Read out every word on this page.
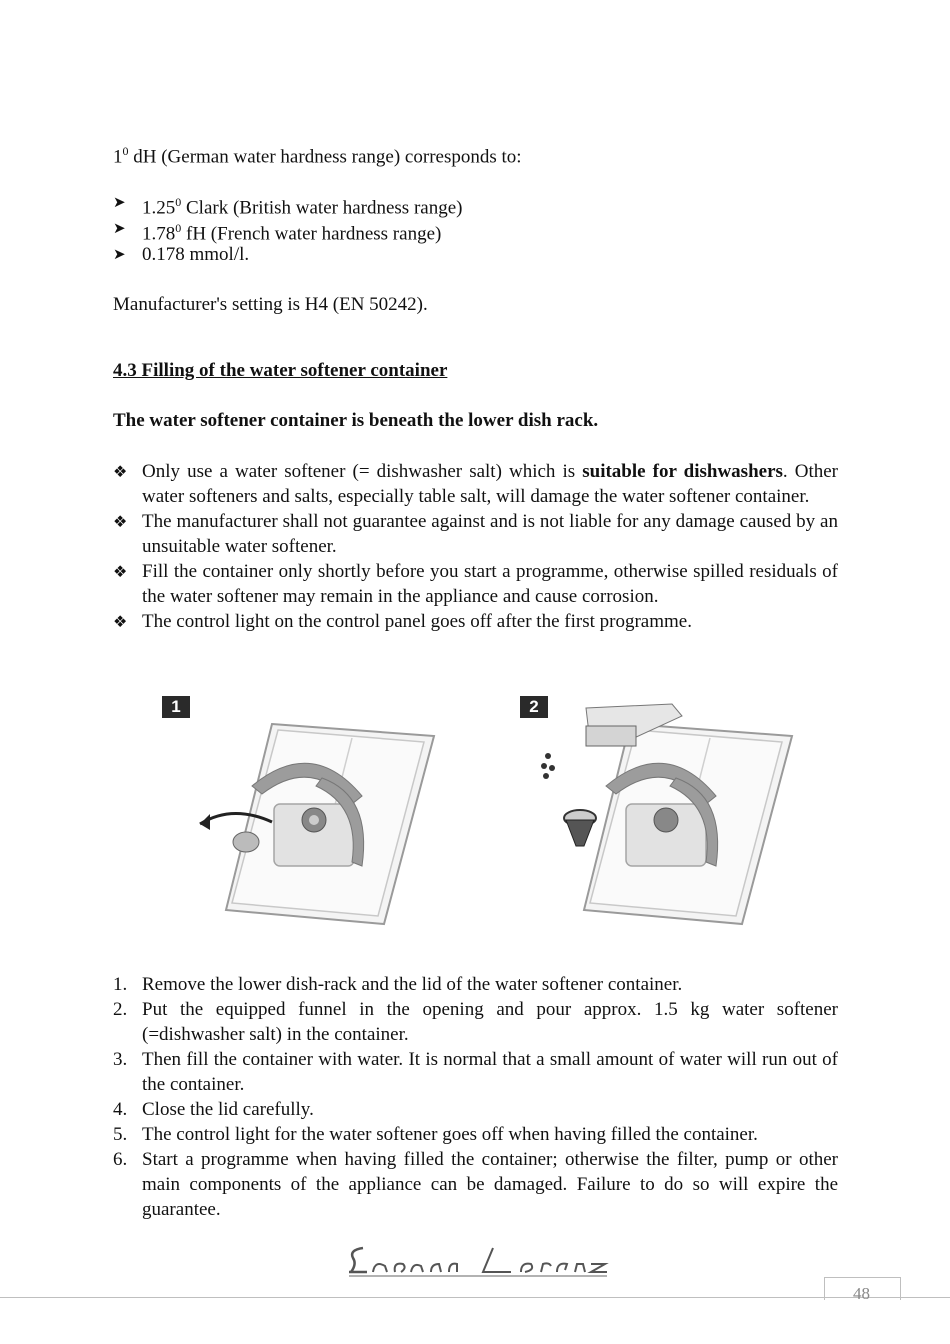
$1^0$ dH (German water hardness range) corresponds to:
➤ 1.25$^0$ Clark (British water hardness range)
➤ 1.78$^0$ fH (French water hardness range)
➤ 0.178 mmol/l.
Manufacturer's setting is H4 (EN 50242).
4.3 Filling of the water softener container
The water softener container is beneath the lower dish rack.
❖ Only use a water softener (= dishwasher salt) which is suitable for dishwashers. Other water softeners and salts, especially table salt, will damage the water softener container.
❖ The manufacturer shall not guarantee against and is not liable for any damage caused by an unsuitable water softener.
❖ Fill the container only shortly before you start a programme, otherwise spilled residuals of the water softener may remain in the appliance and cause corrosion.
❖ The control light on the control panel goes off after the first programme.
1	2
1. Remove the lower dish-rack and the lid of the water softener container.
2. Put the equipped funnel in the opening and pour approx. 1.5 kg water softener (=dishwasher salt) in the container.
3. Then fill the container with water. It is normal that a small amount of water will run out of the container.
4. Close the lid carefully.
5. The control light for the water softener goes off when having filled the container.
6. Start a programme when having filled the container; otherwise the filter, pump or other main components of the appliance can be damaged. Failure to do so will expire the guarantee.
48
